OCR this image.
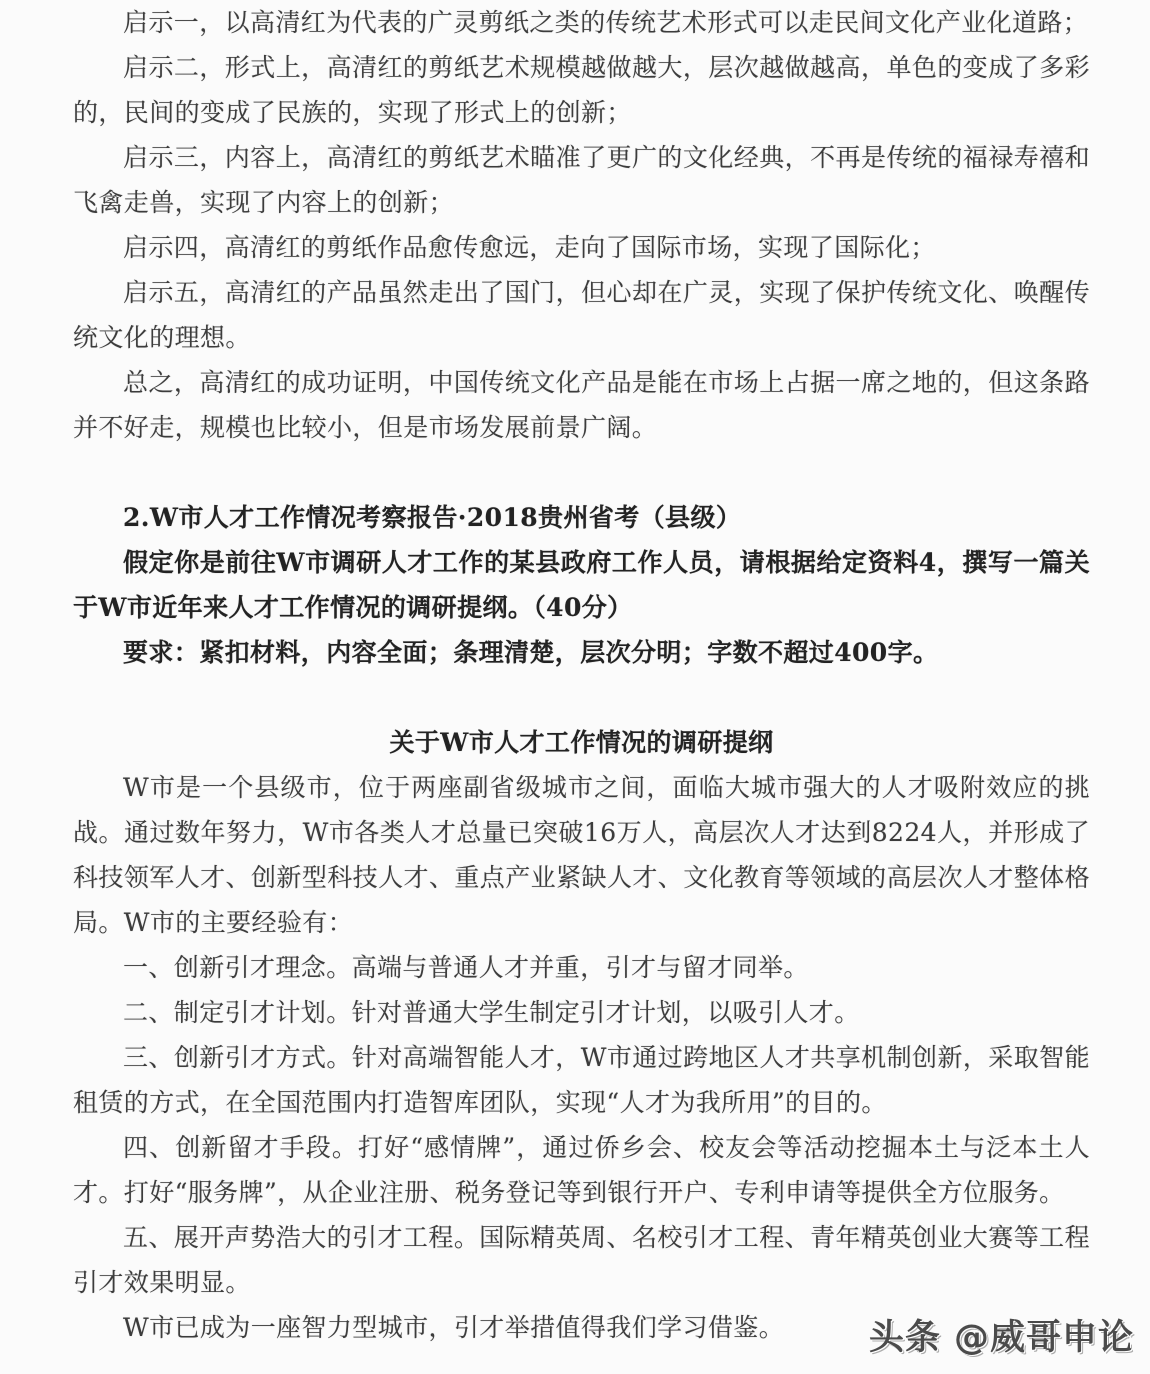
启示一，以高清红为代表的广灵剪纸之类的传统艺术形式可以走民间文化产业化道路；

启示二，形式上，高清红的剪纸艺术规模越做越大，层次越做越高，单色的变成了多彩的，民间的变成了民族的，实现了形式上的创新；

启示三，内容上，高清红的剪纸艺术瞄准了更广的文化经典，不再是传统的福禄寿禧和飞禽走兽，实现了内容上的创新；

启示四，高清红的剪纸作品愈传愈远，走向了国际市场，实现了国际化；

启示五，高清红的产品虽然走出了国门，但心却在广灵，实现了保护传统文化、唤醒传统文化的理想。

总之，高清红的成功证明，中国传统文化产品是能在市场上占据一席之地的，但这条路并不好走，规模也比较小，但是市场发展前景广阔。

2.W市人才工作情况考察报告·2018贵州省考（县级）

假定你是前往W市调研人才工作的某县政府工作人员，请根据给定资料4，撰写一篇关于W市近年来人才工作情况的调研提纲。（40分）

要求：紧扣材料，内容全面；条理清楚，层次分明；字数不超过400字。

关于W市人才工作情况的调研提纲

W市是一个县级市，位于两座副省级城市之间，面临大城市强大的人才吸附效应的挑战。通过数年努力，W市各类人才总量已突破16万人，高层次人才达到8224人，并形成了科技领军人才、创新型科技人才、重点产业紧缺人才、文化教育等领域的高层次人才整体格局。W市的主要经验有：

一、创新引才理念。高端与普通人才并重，引才与留才同举。

二、制定引才计划。针对普通大学生制定引才计划，以吸引人才。

三、创新引才方式。针对高端智能人才，W市通过跨地区人才共享机制创新，采取智能租赁的方式，在全国范围内打造智库团队，实现“人才为我所用”的目的。

四、创新留才手段。打好“感情牌”，通过侨乡会、校友会等活动挖掘本土与泛本土人才。打好“服务牌”，从企业注册、税务登记等到银行开户、专利申请等提供全方位服务。

五、展开声势浩大的引才工程。国际精英周、名校引才工程、青年精英创业大赛等工程引才效果明显。

W市已成为一座智力型城市，引才举措值得我们学习借鉴。	头条 @威哥申论
